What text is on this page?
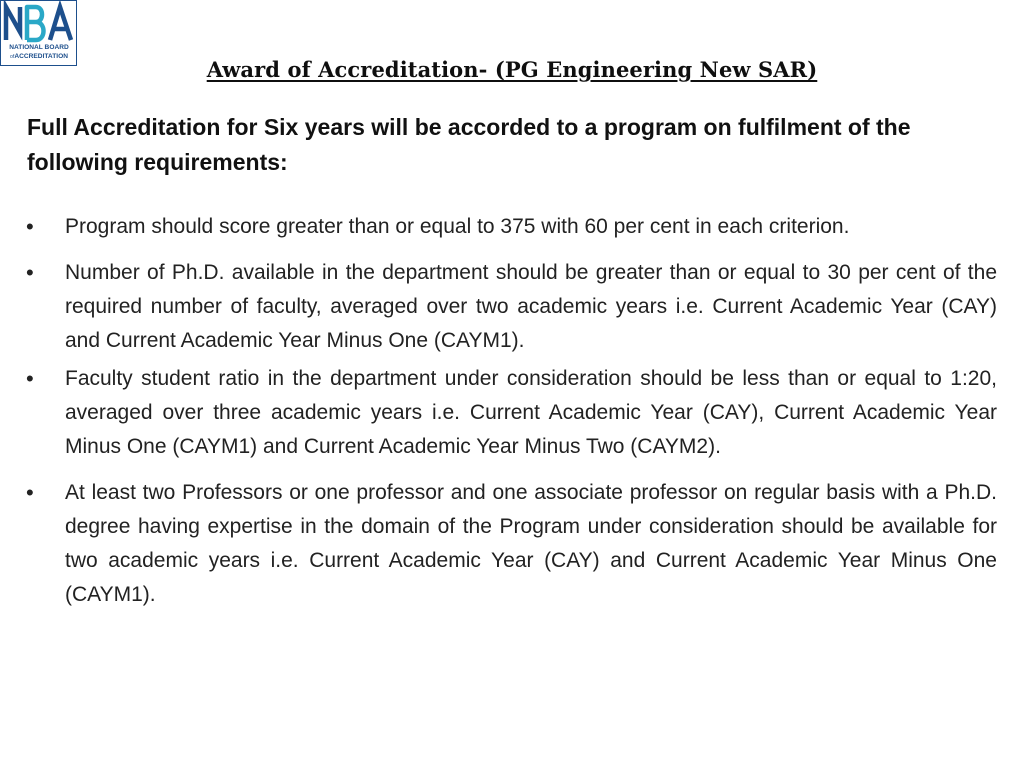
NATIONAL BOARD
ofACCREDITATION
Award of Accreditation- (PG Engineering New SAR)

Full Accreditation for Six years will be accorded to a program on fulfilment of the following requirements:

• Program should score greater than or equal to 375 with 60 per cent in each criterion.
• Number of Ph.D. available in the department should be greater than or equal to 30 per cent of the required number of faculty, averaged over two academic years i.e. Current Academic Year (CAY) and Current Academic Year Minus One (CAYM1).
• Faculty student ratio in the department under consideration should be less than or equal to 1:20, averaged over three academic years i.e. Current Academic Year (CAY), Current Academic Year Minus One (CAYM1) and Current Academic Year Minus Two (CAYM2).
• At least two Professors or one professor and one associate professor on regular basis with a Ph.D. degree having expertise in the domain of the Program under consideration should be available for two academic years i.e. Current Academic Year (CAY) and Current Academic Year Minus One (CAYM1).
